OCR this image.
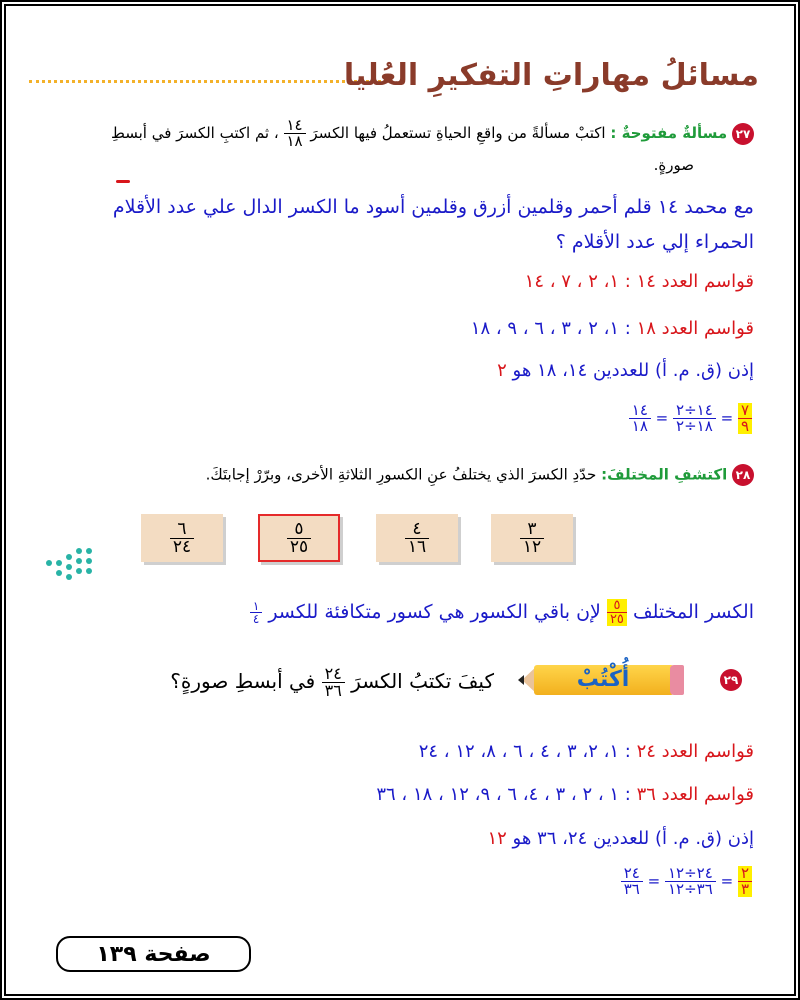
مسائلُ مهاراتِ التفكيرِ العُليا
٢٧ مسألةٌ مفتوحةٌ : اكتبْ مسألةً من واقعِ الحياةِ تستعملُ فيها الكسرَ
$\frac{١٤}{١٨}$
، ثم اكتبِ الكسرَ في أبسطِ
صورةٍ.
مع محمد ١٤ قلم أحمر وقلمين أزرق وقلمين أسود ما الكسر الدال علي عدد الأقلام
الحمراء إلي عدد الأقلام ؟
قواسم العدد ١٤ : ١، ٢ ، ٧ ، ١٤
قواسم العدد ١٨ : ١، ٢ ، ٣ ، ٦ ، ٩ ، ١٨
إذن (ق. م. أ) للعددين ١٤، ١٨ هو ٢
$\frac{١٤}{١٨} = \frac{١٤\div ٢}{١٨\div ٢} = \frac{٧}{٩}$
٢٨ اكتشفِ المختلفَ: حدّدِ الكسرَ الذي يختلفُ عنِ الكسورِ الثلاثةِ الأخرى، وبرّرْ إجابتَكَ.
$\frac{٣}{١٢}$
$\frac{٤}{١٦}$
$\frac{٥}{٢٥}$
$\frac{٦}{٢٤}$
الكسر المختلف
$\frac{٥}{٢٥}$
لإن باقي الكسور هي كسور متكافئة للكسر
$\frac{١}{٤}$
٢٩
أُكْتُبْ
كيفَ تكتبُ الكسرَ
$\frac{٢٤}{٣٦}$
في أبسطِ صورةٍ؟
قواسم العدد ٢٤ : ١، ٢، ٣ ، ٤ ، ٦ ، ٨، ١٢ ، ٢٤
قواسم العدد ٣٦ : ١ ، ٢ ، ٣ ، ٤، ٦ ، ٩، ١٢ ، ١٨ ، ٣٦
إذن (ق. م. أ) للعددين ٢٤، ٣٦ هو ١٢
$\frac{٢٤}{٣٦} = \frac{٢٤\div ١٢}{٣٦\div ١٢} = \frac{٢}{٣}$
صفحة ١٣٩
